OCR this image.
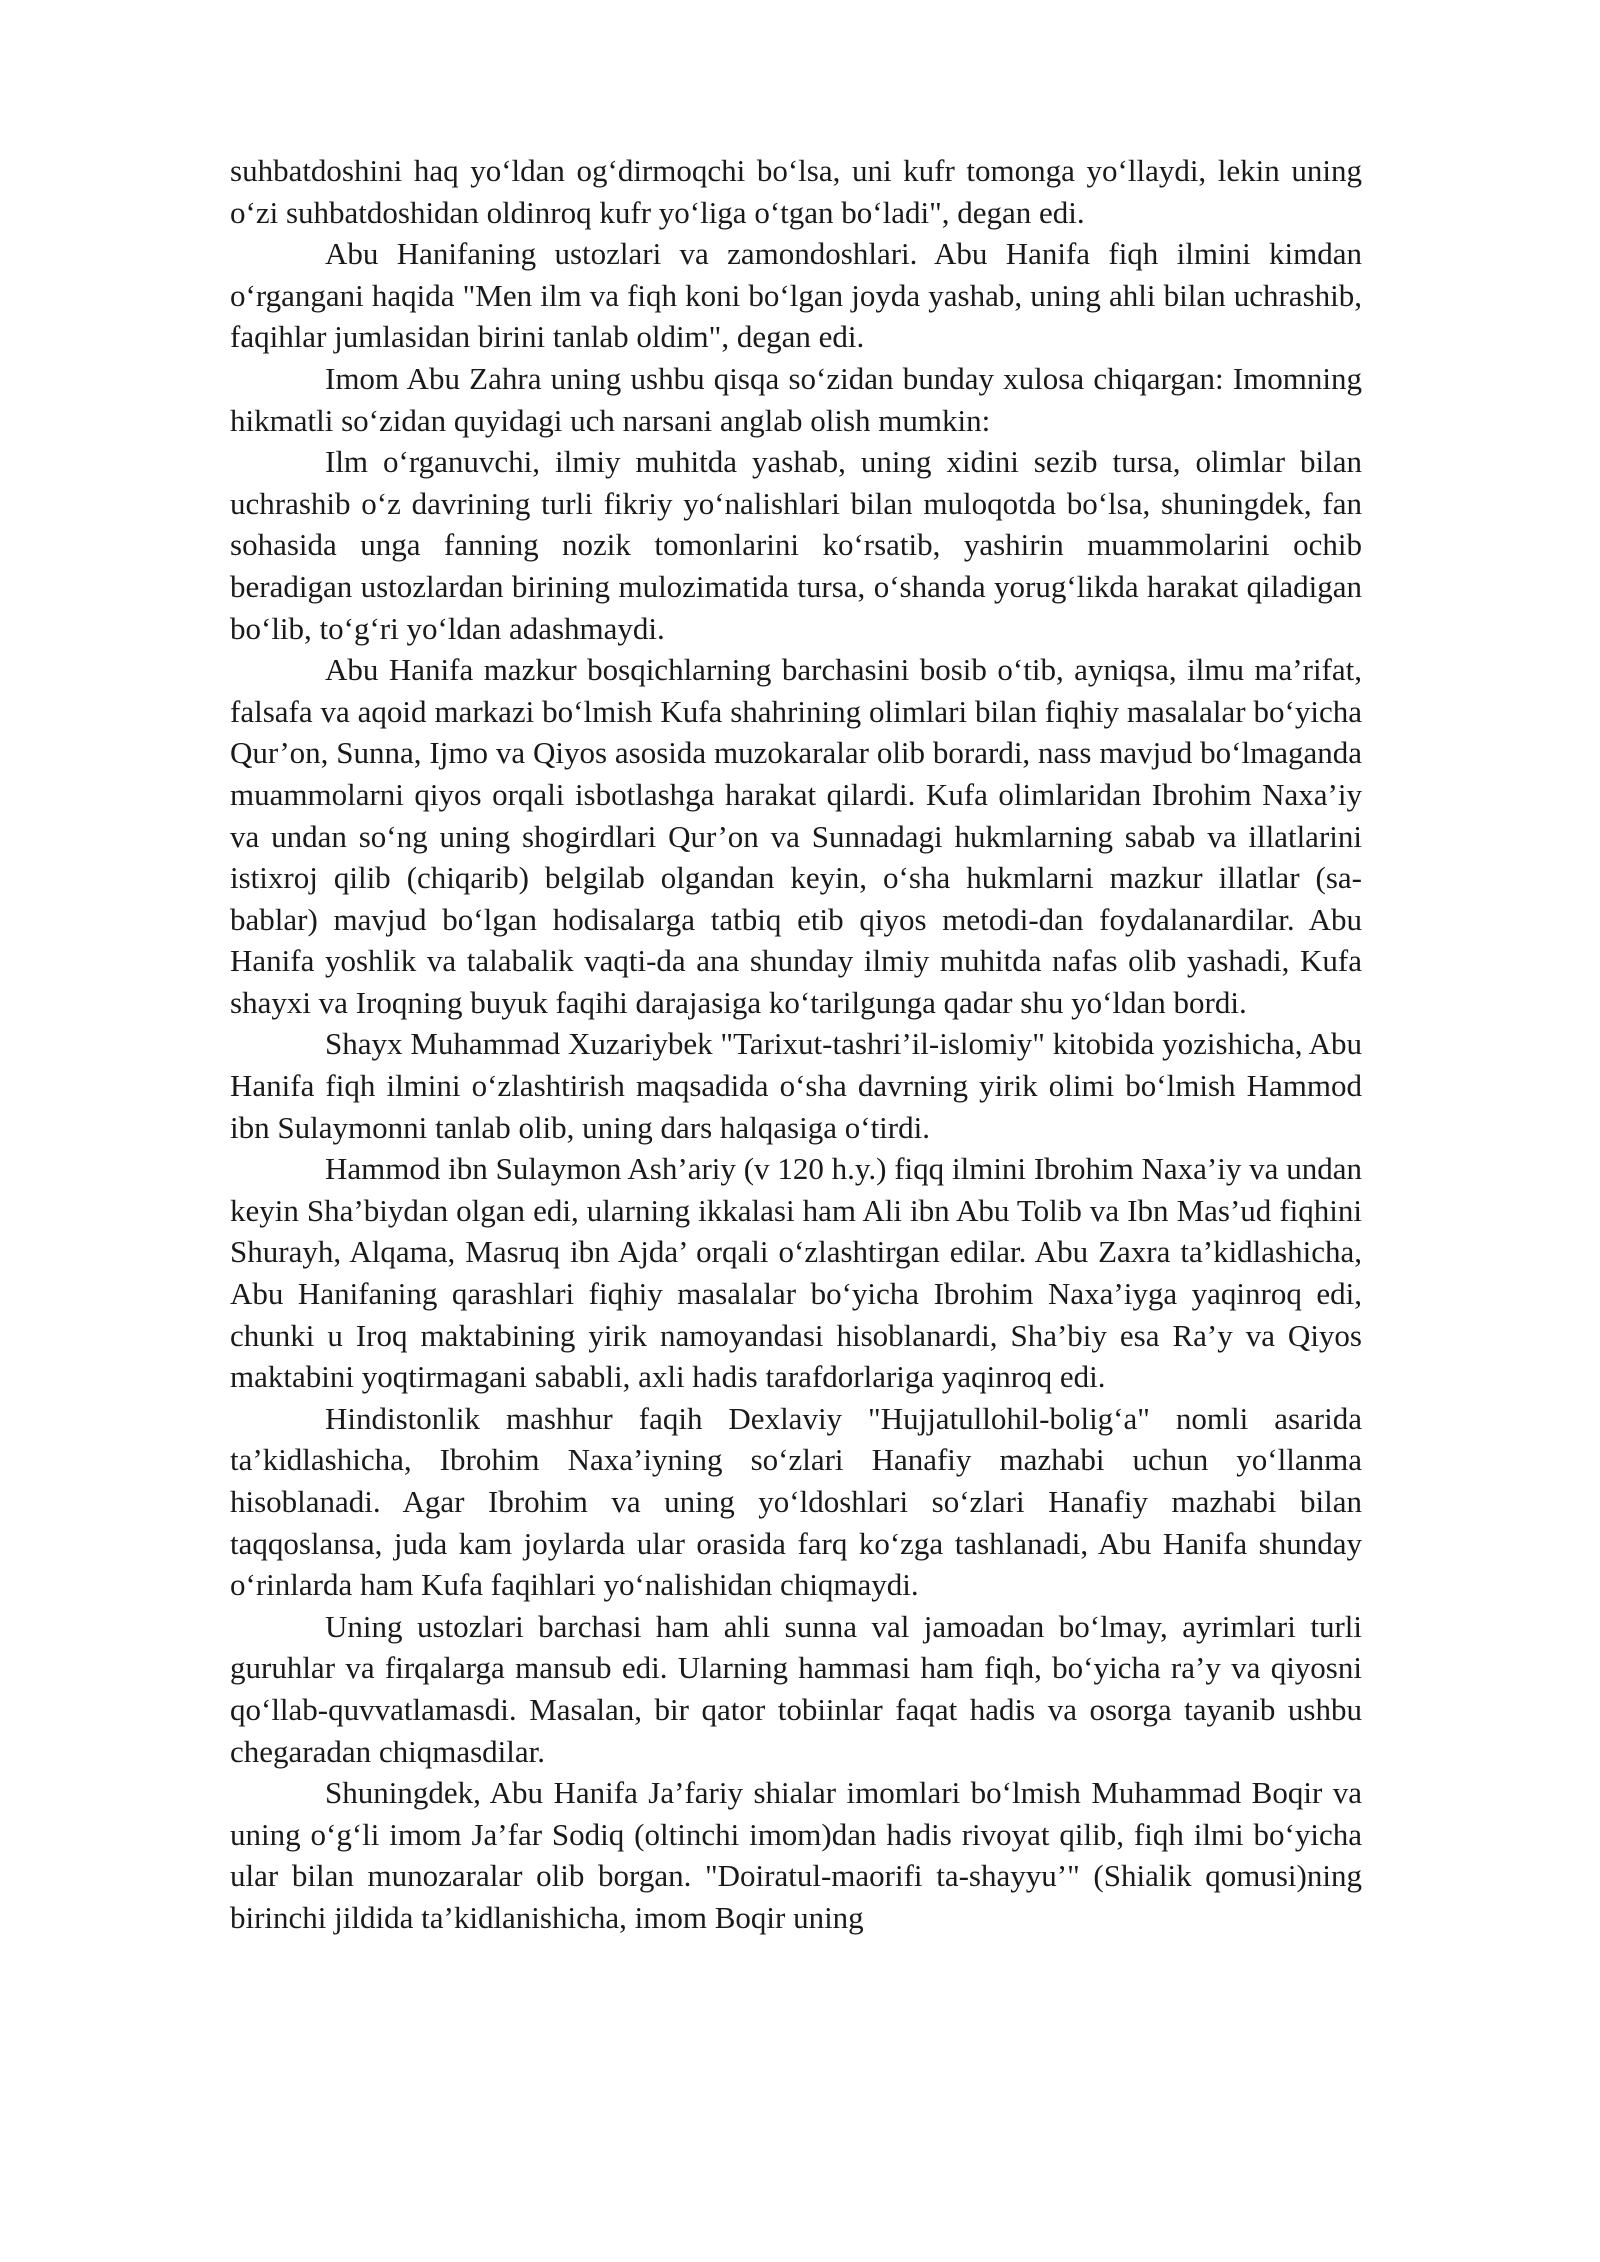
suhbatdoshini haq yo‘ldan og‘dirmoqchi bo‘lsa, uni kufr tomonga yo‘llaydi, lekin uning o‘zi suhbatdoshidan oldinroq kufr yo‘liga o‘tgan bo‘ladi", degan edi.

Abu Hanifaning ustozlari va zamondoshlari. Abu Hanifa fiqh ilmini kimdan o‘rgangani haqida "Men ilm va fiqh koni bo‘lgan joyda yashab, uning ahli bilan uchrashib, faqihlar jumlasidan birini tanlab oldim", degan edi.

Imom Abu Zahra uning ushbu qisqa so‘zidan bunday xulosa chiqargan: Imomning hikmatli so‘zidan quyidagi uch narsani anglab olish mumkin:

Ilm o‘rganuvchi, ilmiy muhitda yashab, uning xidini sezib tursa, olimlar bilan uchrashib o‘z davrining turli fikriy yo‘nalishlari bilan muloqotda bo‘lsa, shuningdek, fan sohasida unga fanning nozik tomonlarini ko‘rsatib, yashirin muammolarini ochib beradigan ustozlardan birining mulozimatida tursa, o‘shanda yorug‘likda harakat qiladigan bo‘lib, to‘g‘ri yo‘ldan adashmaydi.

Abu Hanifa mazkur bosqichlarning barchasini bosib o‘tib, ayniqsa, ilmu ma’rifat, falsafa va aqoid markazi bo‘lmish Kufa shahrining olimlari bilan fiqhiy masalalar bo‘yicha Qur’on, Sunna, Ijmo va Qiyos asosida muzokaralar olib borardi, nass mavjud bo‘lmaganda muammolarni qiyos orqali isbotlashga harakat qilardi. Kufa olimlaridan Ibrohim Naxa’iy va undan so‘ng uning shogirdlari Qur’on va Sunnadagi hukmlarning sabab va illatlarini istixroj qilib (chiqarib) belgilab olgandan keyin, o‘sha hukmlarni mazkur illatlar (sa-bablar) mavjud bo‘lgan hodisalarga tatbiq etib qiyos metodi-dan foydalanardilar. Abu Hanifa yoshlik va talabalik vaqti-da ana shunday ilmiy muhitda nafas olib yashadi, Kufa shayxi va Iroqning buyuk faqihi darajasiga ko‘tarilgunga qadar shu yo‘ldan bordi.

Shayx Muhammad Xuzariybek "Tarixut-tashri’il-islomiy" kitobida yozishicha, Abu Hanifa fiqh ilmini o‘zlashtirish maqsadida o‘sha davrning yirik olimi bo‘lmish Hammod ibn Sulaymonni tanlab olib, uning dars halqasiga o‘tirdi.

Hammod ibn Sulaymon Ash’ariy (v 120 h.y.) fiqq ilmini Ibrohim Naxa’iy va undan keyin Sha’biydan olgan edi, ularning ikkalasi ham Ali ibn Abu Tolib va Ibn Mas’ud fiqhini Shurayh, Alqama, Masruq ibn Ajda’ orqali o‘zlashtirgan edilar. Abu Zaxra ta’kidlashicha, Abu Hanifaning qarashlari fiqhiy masalalar bo‘yicha Ibrohim Naxa’iyga yaqinroq edi, chunki u Iroq maktabining yirik namoyandasi hisoblanardi, Sha’biy esa Ra’y va Qiyos maktabini yoqtirmagani sababli, axli hadis tarafdorlariga yaqinroq edi.

Hindistonlik mashhur faqih Dexlaviy "Hujjatullohil-bolig‘a" nomli asarida ta’kidlashicha, Ibrohim Naxa’iyning so‘zlari Hanafiy mazhabi uchun yo‘llanma hisoblanadi. Agar Ibrohim va uning yo‘ldoshlari so‘zlari Hanafiy mazhabi bilan taqqoslansa, juda kam joylarda ular orasida farq ko‘zga tashlanadi, Abu Hanifa shunday o‘rinlarda ham Kufa faqihlari yo‘nalishidan chiqmaydi.

Uning ustozlari barchasi ham ahli sunna val jamoadan bo‘lmay, ayrimlari turli guruhlar va firqalarga mansub edi. Ularning hammasi ham fiqh, bo‘yicha ra’y va qiyosni qo‘llab-quvvatlamasdi. Masalan, bir qator tobiinlar faqat hadis va osorga tayanib ushbu chegaradan chiqmasdilar.

Shuningdek, Abu Hanifa Ja’fariy shialar imomlari bo‘lmish Muhammad Boqir va uning o‘g‘li imom Ja’far Sodiq (oltinchi imom)dan hadis rivoyat qilib, fiqh ilmi bo‘yicha ular bilan munozaralar olib borgan. "Doiratul-maorifi ta-shayyu’" (Shialik qomusi)ning birinchi jildida ta’kidlanishicha, imom Boqir uning
